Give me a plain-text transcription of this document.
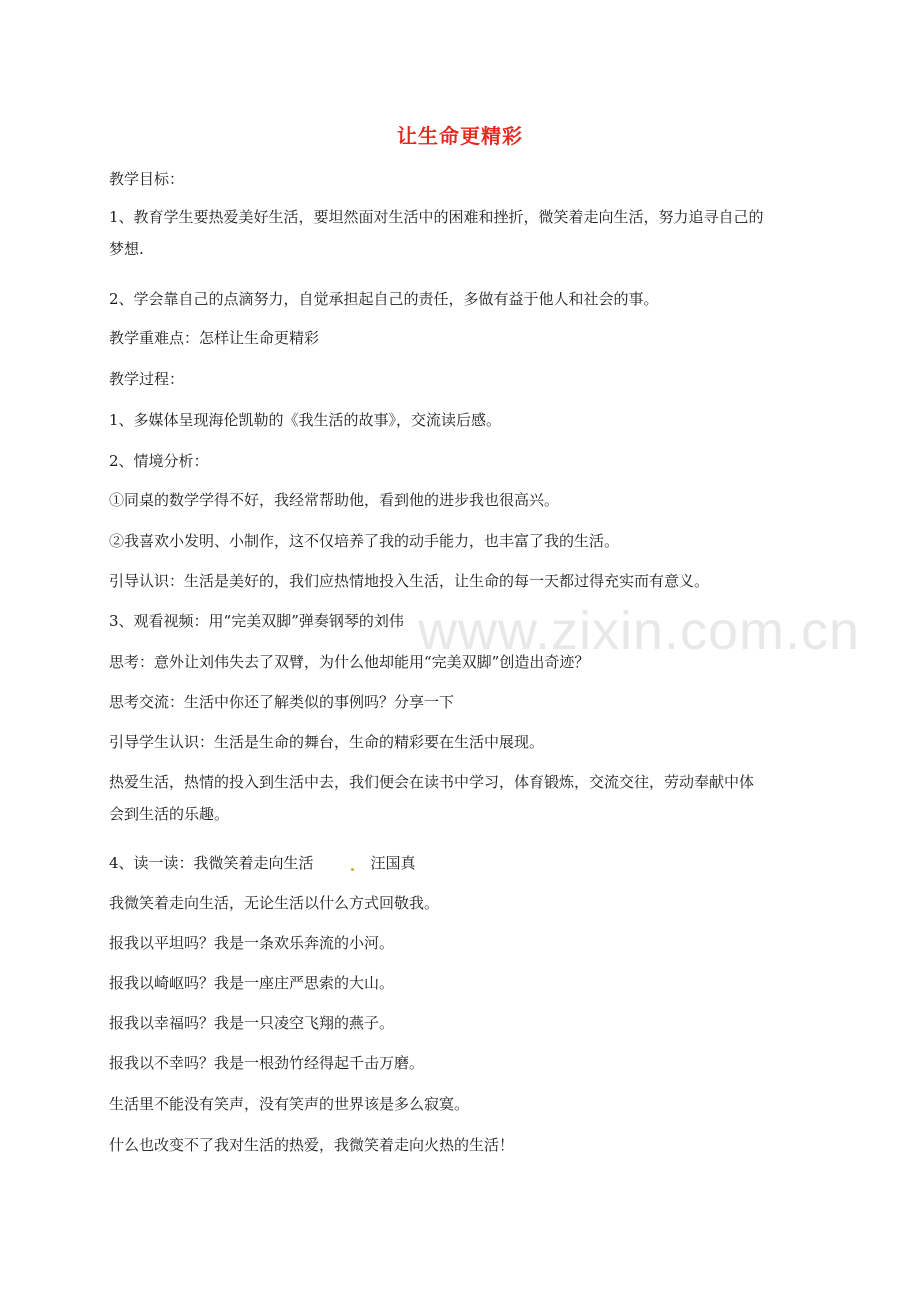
www.zixin.com.cn
让生命更精彩
教学目标：
1、教育学生要热爱美好生活，要坦然面对生活中的困难和挫折，微笑着走向生活，努力追寻自己的
梦想.
2、学会靠自己的点滴努力，自觉承担起自己的责任，多做有益于他人和社会的事。
教学重难点：怎样让生命更精彩
教学过程：
1、多媒体呈现海伦凯勒的《我生活的故事》，交流读后感。
2、情境分析：
①同桌的数学学得不好，我经常帮助他，看到他的进步我也很高兴。
②我喜欢小发明、小制作，这不仅培养了我的动手能力，也丰富了我的生活。
引导认识：生活是美好的，我们应热情地投入生活，让生命的每一天都过得充实而有意义。
3、观看视频：用“完美双脚”弹奏钢琴的刘伟
思考：意外让刘伟失去了双臂，为什么他却能用“完美双脚”创造出奇迹？
思考交流：生活中你还了解类似的事例吗？分享一下
引导学生认识：生活是生命的舞台，生命的精彩要在生活中展现。
热爱生活，热情的投入到生活中去，我们便会在读书中学习，体育锻炼，交流交往，劳动奉献中体
会到生活的乐趣。
4、读一读：我微笑着走向生活	汪国真
我微笑着走向生活，无论生活以什么方式回敬我。
报我以平坦吗？我是一条欢乐奔流的小河。
报我以崎岖吗？我是一座庄严思索的大山。
报我以幸福吗？我是一只凌空飞翔的燕子。
报我以不幸吗？我是一根劲竹经得起千击万磨。
生活里不能没有笑声，没有笑声的世界该是多么寂寞。
什么也改变不了我对生活的热爱，我微笑着走向火热的生活！
